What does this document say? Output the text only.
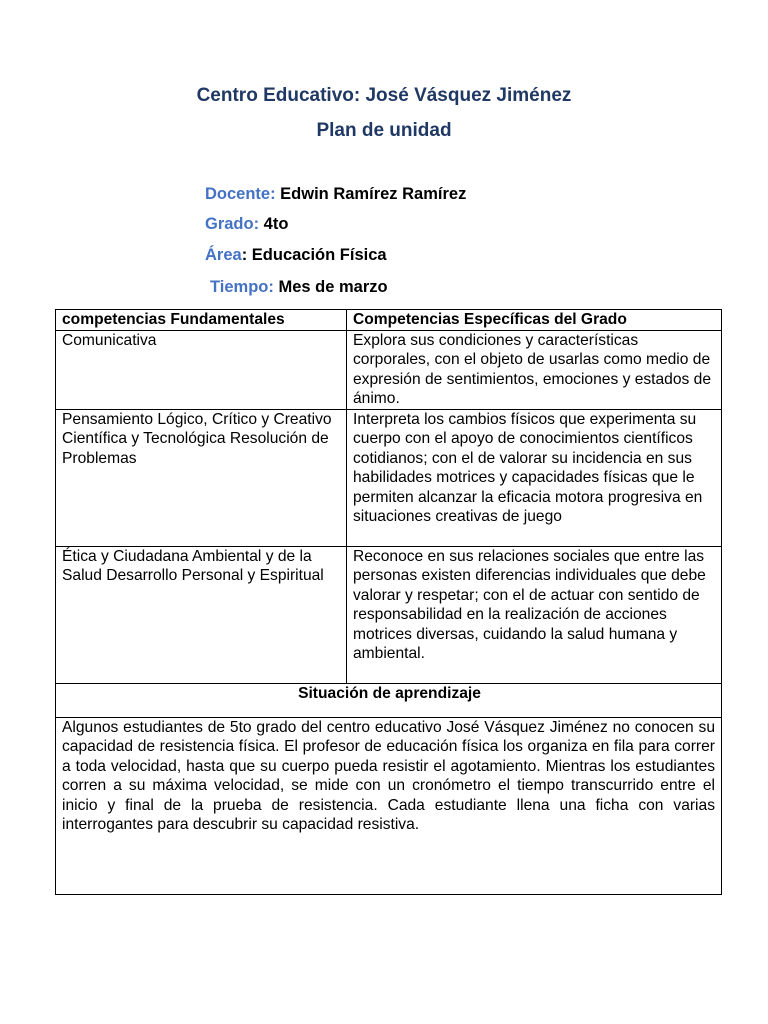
Centro Educativo: José Vásquez Jiménez
Plan de unidad
Docente: Edwin Ramírez Ramírez
Grado: 4to
Área: Educación Física
Tiempo: Mes de marzo
competencias Fundamentales	Competencias Específicas del Grado
Comunicativa	Explora sus condiciones y características corporales, con el objeto de usarlas como medio de expresión de sentimientos, emociones y estados de ánimo.
Pensamiento Lógico, Crítico y Creativo Científica y Tecnológica Resolución de Problemas	Interpreta los cambios físicos que experimenta su cuerpo con el apoyo de conocimientos científicos cotidianos; con el de valorar su incidencia en sus habilidades motrices y capacidades físicas que le permiten alcanzar la eficacia motora progresiva en situaciones creativas de juego
Ética y Ciudadana Ambiental y de la Salud Desarrollo Personal y Espiritual	Reconoce en sus relaciones sociales que entre las personas existen diferencias individuales que debe valorar y respetar; con el de actuar con sentido de responsabilidad en la realización de acciones motrices diversas, cuidando la salud humana y ambiental.
Situación de aprendizaje	
Algunos estudiantes de 5to grado del centro educativo José Vásquez Jiménez no conocen su capacidad de resistencia física. El profesor de educación física los organiza en fila para correr a toda velocidad, hasta que su cuerpo pueda resistir el agotamiento. Mientras los estudiantes corren a su máxima velocidad, se mide con un cronómetro el tiempo transcurrido entre el inicio y final de la prueba de resistencia. Cada estudiante llena una ficha con varias interrogantes para descubrir su capacidad resistiva.	
